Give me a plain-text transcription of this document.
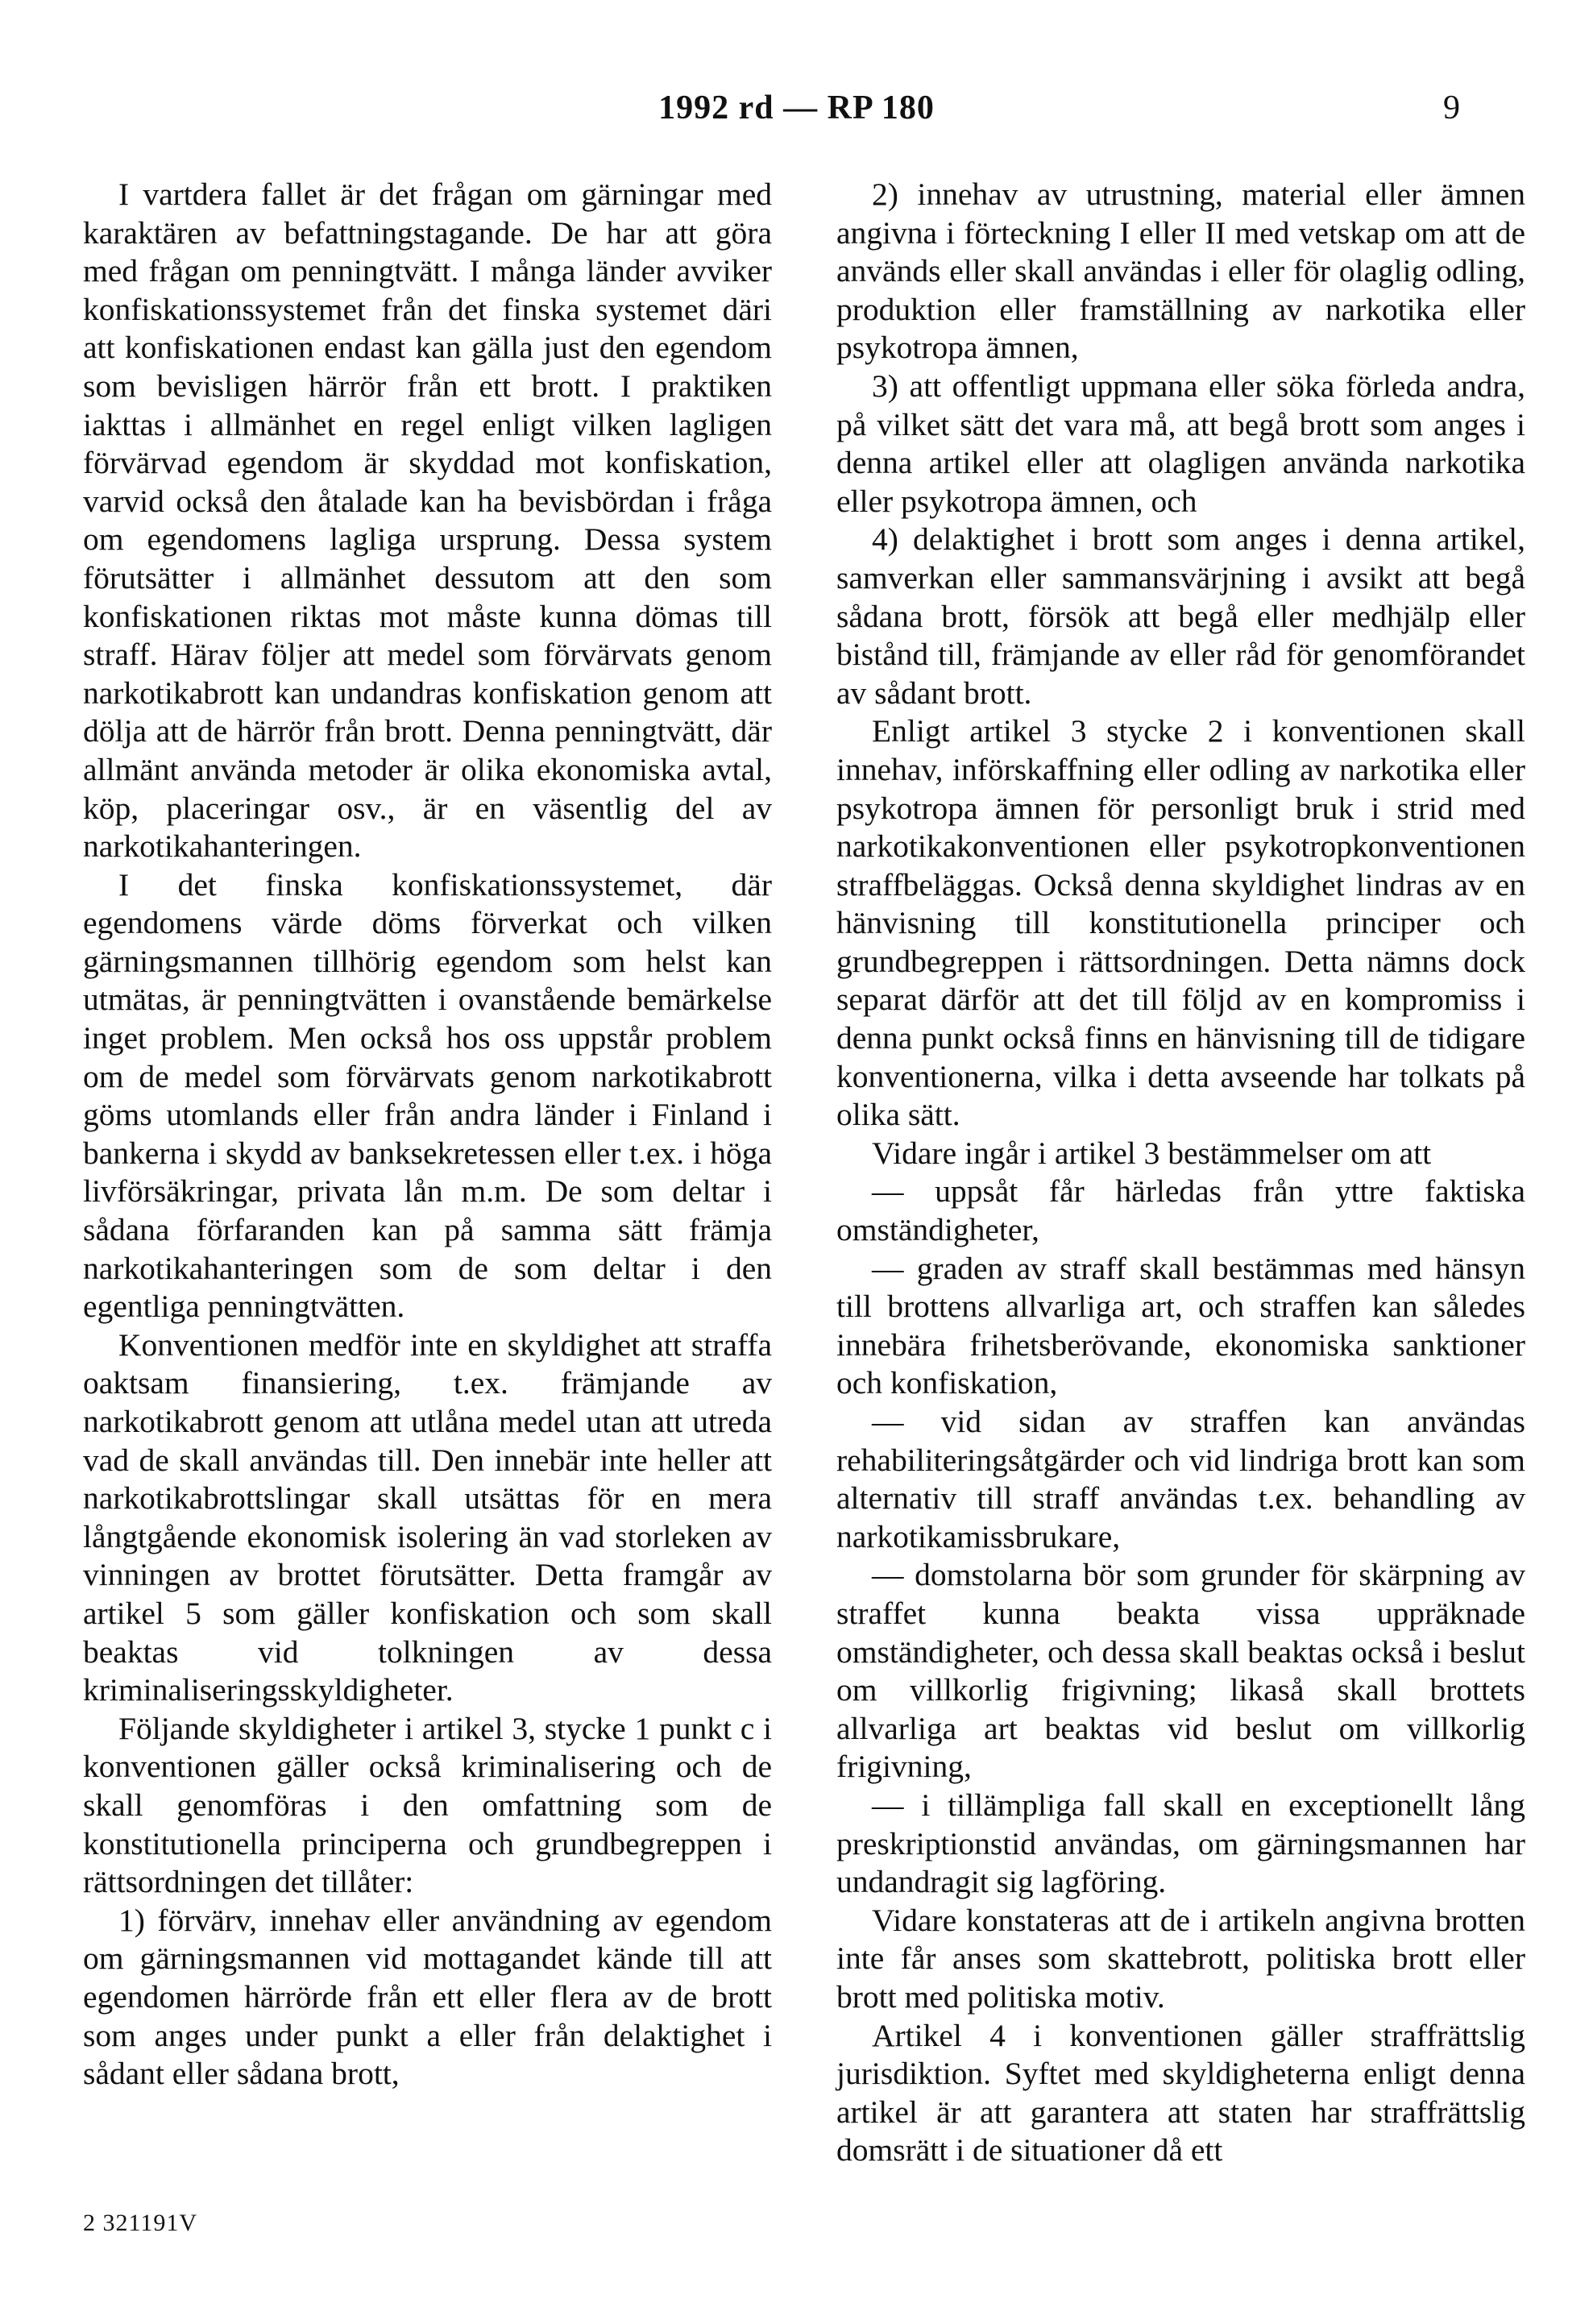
1992 rd — RP 180	9

I vartdera fallet är det frågan om gärningar med karaktären av befattningstagande. De har att göra med frågan om penningtvätt. I många länder avviker konfiskationssystemet från det finska systemet däri att konfiskationen endast kan gälla just den egendom som bevisligen härrör från ett brott. I praktiken iakttas i allmänhet en regel enligt vilken lagligen förvärvad egendom är skyddad mot konfiskation, varvid också den åtalade kan ha bevisbördan i fråga om egendomens lagliga ursprung. Dessa system förutsätter i allmänhet dessutom att den som konfiskationen riktas mot måste kunna dömas till straff. Härav följer att medel som förvärvats genom narkotikabrott kan undandras konfiskation genom att dölja att de härrör från brott. Denna penningtvätt, där allmänt använda metoder är olika ekonomiska avtal, köp, placeringar osv., är en väsentlig del av narkotikahanteringen.

I det finska konfiskationssystemet, där egendomens värde döms förverkat och vilken gärningsmannen tillhörig egendom som helst kan utmätas, är penningtvätten i ovanstående bemärkelse inget problem. Men också hos oss uppstår problem om de medel som förvärvats genom narkotikabrott göms utomlands eller från andra länder i Finland i bankerna i skydd av banksekretessen eller t.ex. i höga livförsäkringar, privata lån m.m. De som deltar i sådana förfaranden kan på samma sätt främja narkotikahanteringen som de som deltar i den egentliga penningtvätten.

Konventionen medför inte en skyldighet att straffa oaktsam finansiering, t.ex. främjande av narkotikabrott genom att utlåna medel utan att utreda vad de skall användas till. Den innebär inte heller att narkotikabrottslingar skall utsättas för en mera långtgående ekonomisk isolering än vad storleken av vinningen av brottet förutsätter. Detta framgår av artikel 5 som gäller konfiskation och som skall beaktas vid tolkningen av dessa kriminaliseringsskyldigheter.

Följande skyldigheter i artikel 3, stycke 1 punkt c i konventionen gäller också kriminalisering och de skall genomföras i den omfattning som de konstitutionella principerna och grundbegreppen i rättsordningen det tillåter:

1) förvärv, innehav eller användning av egendom om gärningsmannen vid mottagandet kände till att egendomen härrörde från ett eller flera av de brott som anges under punkt a eller från delaktighet i sådant eller sådana brott,

2) innehav av utrustning, material eller ämnen angivna i förteckning I eller II med vetskap om att de används eller skall användas i eller för olaglig odling, produktion eller framställning av narkotika eller psykotropa ämnen,

3) att offentligt uppmana eller söka förleda andra, på vilket sätt det vara må, att begå brott som anges i denna artikel eller att olagligen använda narkotika eller psykotropa ämnen, och

4) delaktighet i brott som anges i denna artikel, samverkan eller sammansvärjning i avsikt att begå sådana brott, försök att begå eller medhjälp eller bistånd till, främjande av eller råd för genomförandet av sådant brott.

Enligt artikel 3 stycke 2 i konventionen skall innehav, införskaffning eller odling av narkotika eller psykotropa ämnen för personligt bruk i strid med narkotikakonventionen eller psykotropkonventionen straffbeläggas. Också denna skyldighet lindras av en hänvisning till konstitutionella principer och grundbegreppen i rättsordningen. Detta nämns dock separat därför att det till följd av en kompromiss i denna punkt också finns en hänvisning till de tidigare konventionerna, vilka i detta avseende har tolkats på olika sätt.

Vidare ingår i artikel 3 bestämmelser om att

— uppsåt får härledas från yttre faktiska omständigheter,

— graden av straff skall bestämmas med hänsyn till brottens allvarliga art, och straffen kan således innebära frihetsberövande, ekonomiska sanktioner och konfiskation,

— vid sidan av straffen kan användas rehabiliteringsåtgärder och vid lindriga brott kan som alternativ till straff användas t.ex. behandling av narkotikamissbrukare,

— domstolarna bör som grunder för skärpning av straffet kunna beakta vissa uppräknade omständigheter, och dessa skall beaktas också i beslut om villkorlig frigivning; likaså skall brottets allvarliga art beaktas vid beslut om villkorlig frigivning,

— i tillämpliga fall skall en exceptionellt lång preskriptionstid användas, om gärningsmannen har undandragit sig lagföring.

Vidare konstateras att de i artikeln angivna brotten inte får anses som skattebrott, politiska brott eller brott med politiska motiv.

Artikel 4 i konventionen gäller straffrättslig jurisdiktion. Syftet med skyldigheterna enligt denna artikel är att garantera att staten har straffrättslig domsrätt i de situationer då ett

2 321191V
